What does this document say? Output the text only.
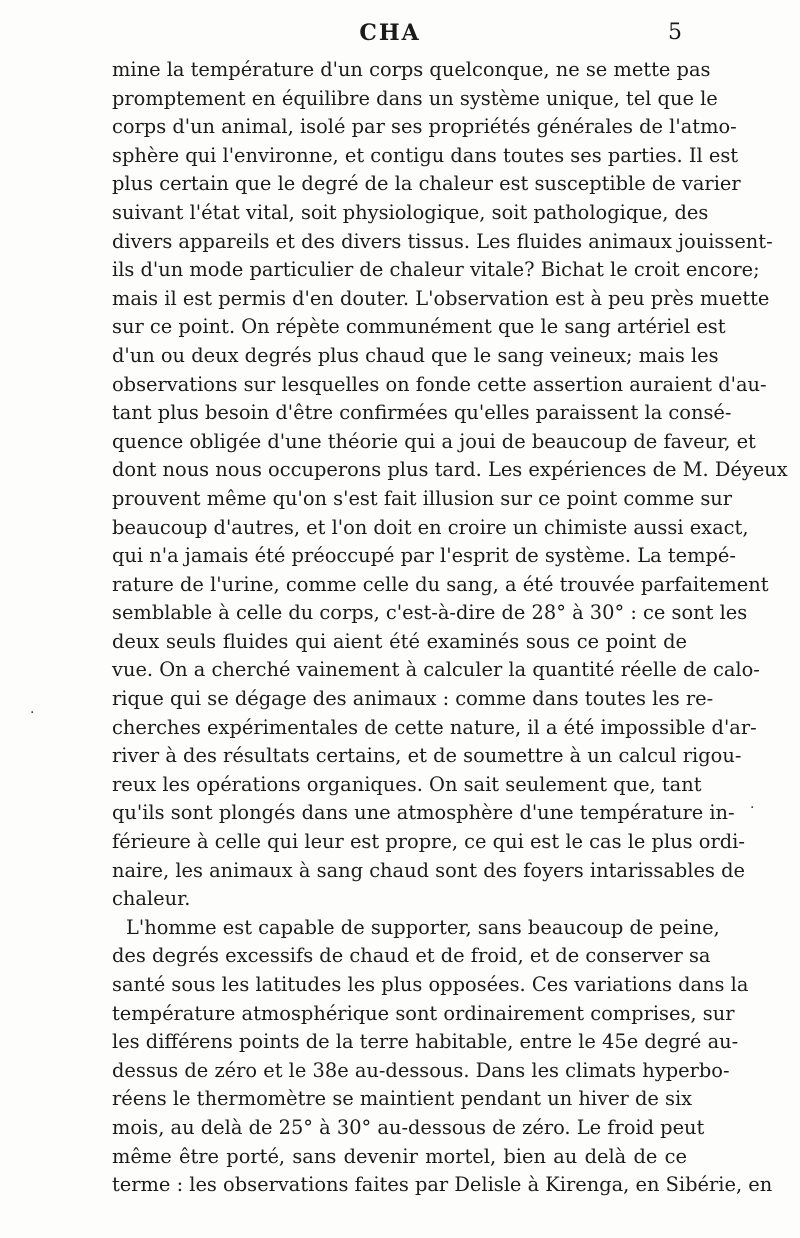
CHA	5

mine la température d'un corps quelconque, ne se mette pas
promptement en équilibre dans un système unique, tel que le
corps d'un animal, isolé par ses propriétés générales de l'atmo-
sphère qui l'environne, et contigu dans toutes ses parties. Il est
plus certain que le degré de la chaleur est susceptible de varier
suivant l'état vital, soit physiologique, soit pathologique, des
divers appareils et des divers tissus. Les fluides animaux jouissent-
ils d'un mode particulier de chaleur vitale? Bichat le croit encore;
mais il est permis d'en douter. L'observation est à peu près muette
sur ce point. On répète communément que le sang artériel est
d'un ou deux degrés plus chaud que le sang veineux; mais les
observations sur lesquelles on fonde cette assertion auraient d'au-
tant plus besoin d'être confirmées qu'elles paraissent la consé-
quence obligée d'une théorie qui a joui de beaucoup de faveur, et
dont nous nous occuperons plus tard. Les expériences de M. Déyeux
prouvent même qu'on s'est fait illusion sur ce point comme sur
beaucoup d'autres, et l'on doit en croire un chimiste aussi exact,
qui n'a jamais été préoccupé par l'esprit de système. La tempé-
rature de l'urine, comme celle du sang, a été trouvée parfaitement
semblable à celle du corps, c'est-à-dire de 28° à 30° : ce sont les
deux seuls fluides qui aient été examinés sous ce point de
vue. On a cherché vainement à calculer la quantité réelle de calo-
rique qui se dégage des animaux : comme dans toutes les re-
cherches expérimentales de cette nature, il a été impossible d'ar-
river à des résultats certains, et de soumettre à un calcul rigou-
reux les opérations organiques. On sait seulement que, tant
qu'ils sont plongés dans une atmosphère d'une température in-
férieure à celle qui leur est propre, ce qui est le cas le plus ordi-
naire, les animaux à sang chaud sont des foyers intarissables de
chaleur.

L'homme est capable de supporter, sans beaucoup de peine,
des degrés excessifs de chaud et de froid, et de conserver sa
santé sous les latitudes les plus opposées. Ces variations dans la
température atmosphérique sont ordinairement comprises, sur
les différens points de la terre habitable, entre le 45e degré au-
dessus de zéro et le 38e au-dessous. Dans les climats hyperbo-
réens le thermomètre se maintient pendant un hiver de six
mois, au delà de 25° à 30° au-dessous de zéro. Le froid peut
même être porté, sans devenir mortel, bien au delà de ce
terme : les observations faites par Delisle à Kirenga, en Sibérie, en

·
·
